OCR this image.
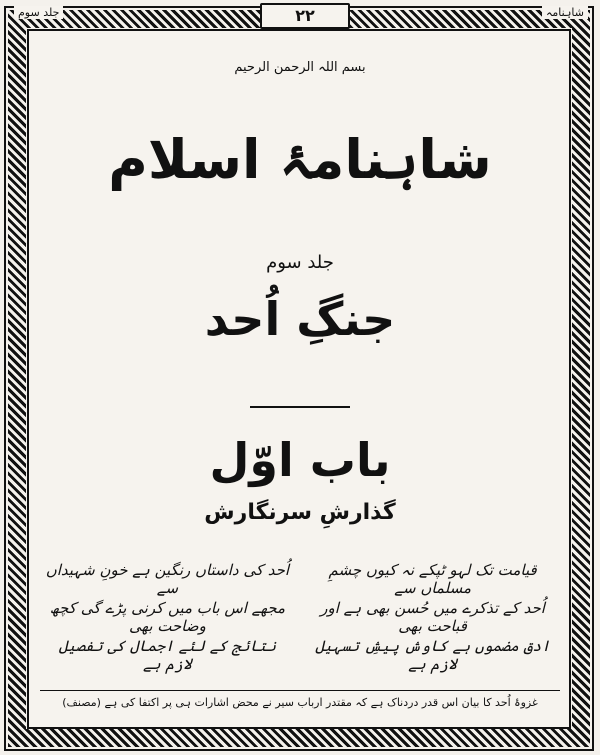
جلد سوم	۲۲	شاہنامہ
بسم اللہ الرحمن الرحیم
شاہنامۂ اسلام
جلد سوم
جنگِ اُحد
باب اوّل
گذارشِ سرنگارش
قیامت تک لہو ٹپکے نہ کیوں چشمِ مسلماں سے
اُحد کی داستاں رنگین ہے خونِ شہیداں سے
اُحد کے تذکرے میں حُسن بھی ہے اور قباحت بھی
مجھے اس باب میں کرنی پڑے گی کچھ وضاحت بھی
ادق مضموں ہے کاوش پیشِ تسہیل لازم ہے
نتائج کے لئے اجمال کی تفصیل لازم ہے
غزوۂ اُحد کا بیان اس قدر دردناک ہے کہ مقتدر ارباب سیر نے محض اشارات ہی پر اکتفا کی ہے (مصنف)
